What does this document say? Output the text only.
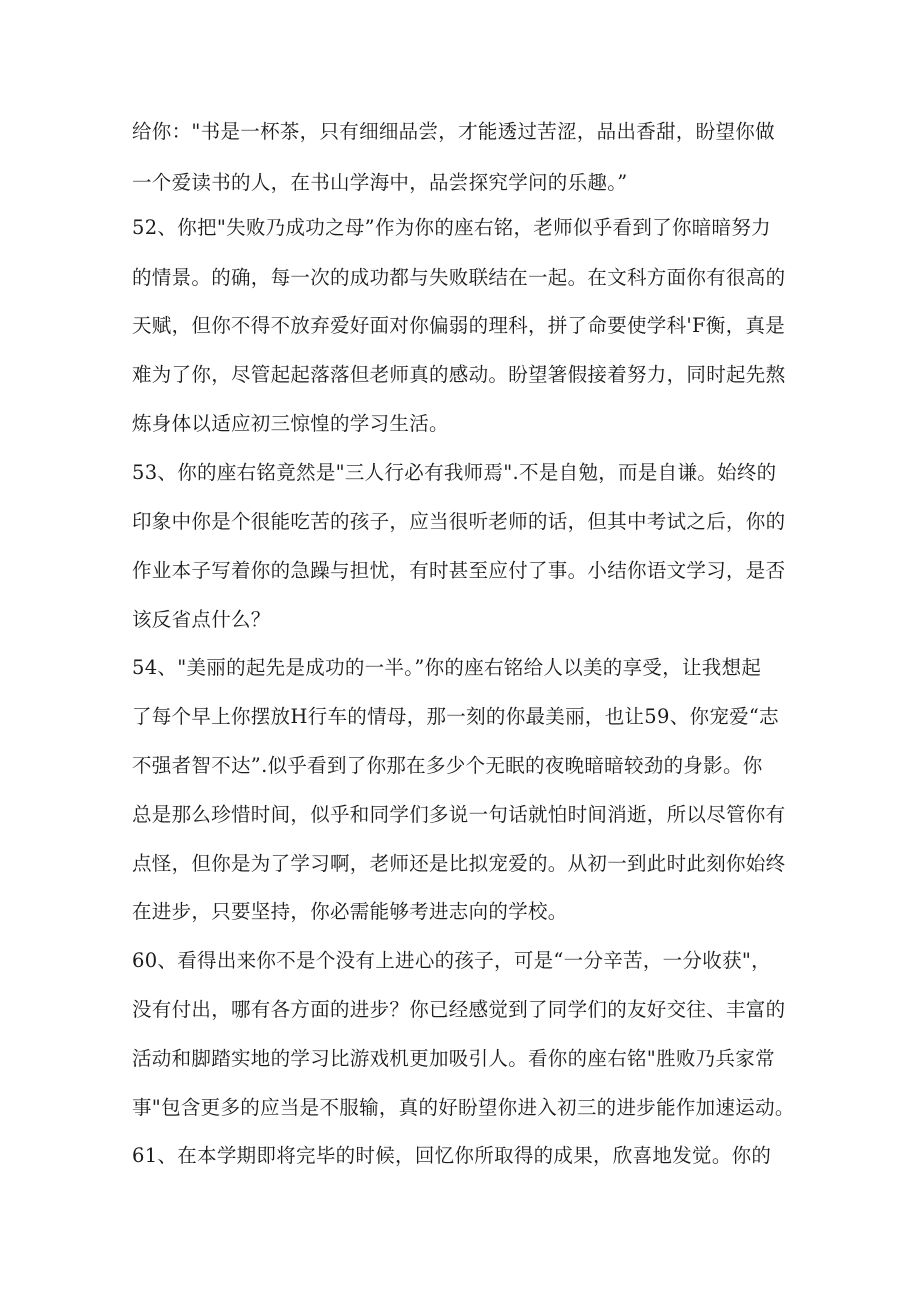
给你："书是一杯茶，只有细细品尝，才能透过苦涩，品出香甜，盼望你做
一个爱读书的人，在书山学海中，品尝探究学问的乐趣。”
52、你把"失败乃成功之母”作为你的座右铭，老师似乎看到了你暗暗努力
的情景。的确，每一次的成功都与失败联结在一起。在文科方面你有很高的
天赋，但你不得不放弃爱好面对你偏弱的理科，拼了命要使学科'F衡，真是
难为了你，尽管起起落落但老师真的感动。盼望箸假接着努力，同时起先熬
炼身体以适应初三惊惶的学习生活。
53、你的座右铭竟然是"三人行必有我师焉".不是自勉，而是自谦。始终的
印象中你是个很能吃苦的孩子，应当很听老师的话，但其中考试之后，你的
作业本子写着你的急躁与担忧，有时甚至应付了事。小结你语文学习，是否
该反省点什么？
54、"美丽的起先是成功的一半。”你的座右铭给人以美的享受，让我想起
了每个早上你摆放H行车的情母，那一刻的你最美丽，也让59、你宠爱“志
不强者智不达”.似乎看到了你那在多少个无眠的夜晚暗暗较劲的身影。你
总是那么珍惜时间，似乎和同学们多说一句话就怕时间消逝，所以尽管你有
点怪，但你是为了学习啊，老师还是比拟宠爱的。从初一到此时此刻你始终
在进步，只要坚持，你必需能够考进志向的学校。
60、看得出来你不是个没有上进心的孩子，可是“一分辛苦，一分收获"，
没有付出，哪有各方面的进步？你已经感觉到了同学们的友好交往、丰富的
活动和脚踏实地的学习比游戏机更加吸引人。看你的座右铭"胜败乃兵家常
事"包含更多的应当是不服输，真的好盼望你进入初三的进步能作加速运动。
61、在本学期即将完毕的时候，回忆你所取得的成果，欣喜地发觉。你的
